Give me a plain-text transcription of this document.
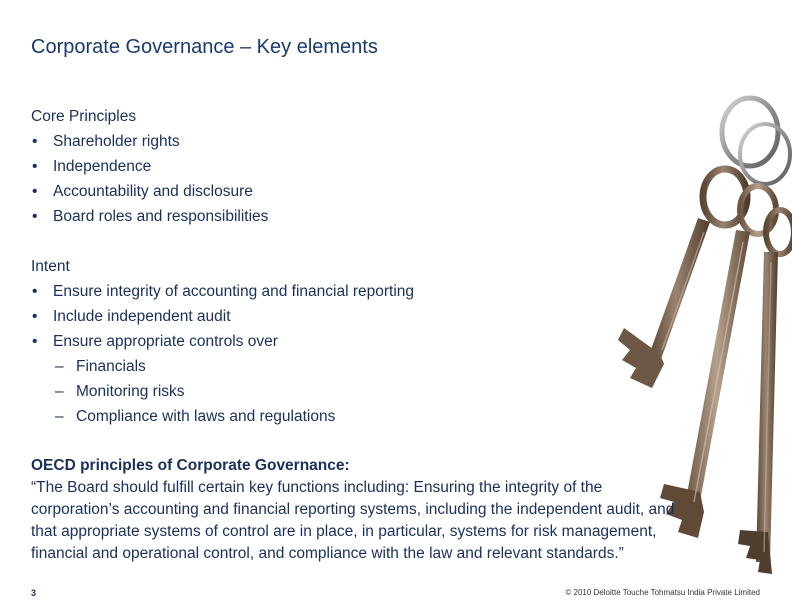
Corporate Governance – Key elements
Core Principles
• Shareholder rights
• Independence
• Accountability and disclosure
• Board roles and responsibilities
Intent
• Ensure integrity of accounting and financial reporting
• Include independent audit
• Ensure appropriate controls over
– Financials
– Monitoring risks
– Compliance with laws and regulations
OECD principles of Corporate Governance:
“The Board should fulfill certain key functions including: Ensuring the integrity of the corporation’s accounting and financial reporting systems, including the independent audit, and that appropriate systems of control are in place, in particular, systems for risk management, financial and operational control, and compliance with the law and relevant standards.”
3	© 2010 Deloitte Touche Tohmatsu India Private Limited
